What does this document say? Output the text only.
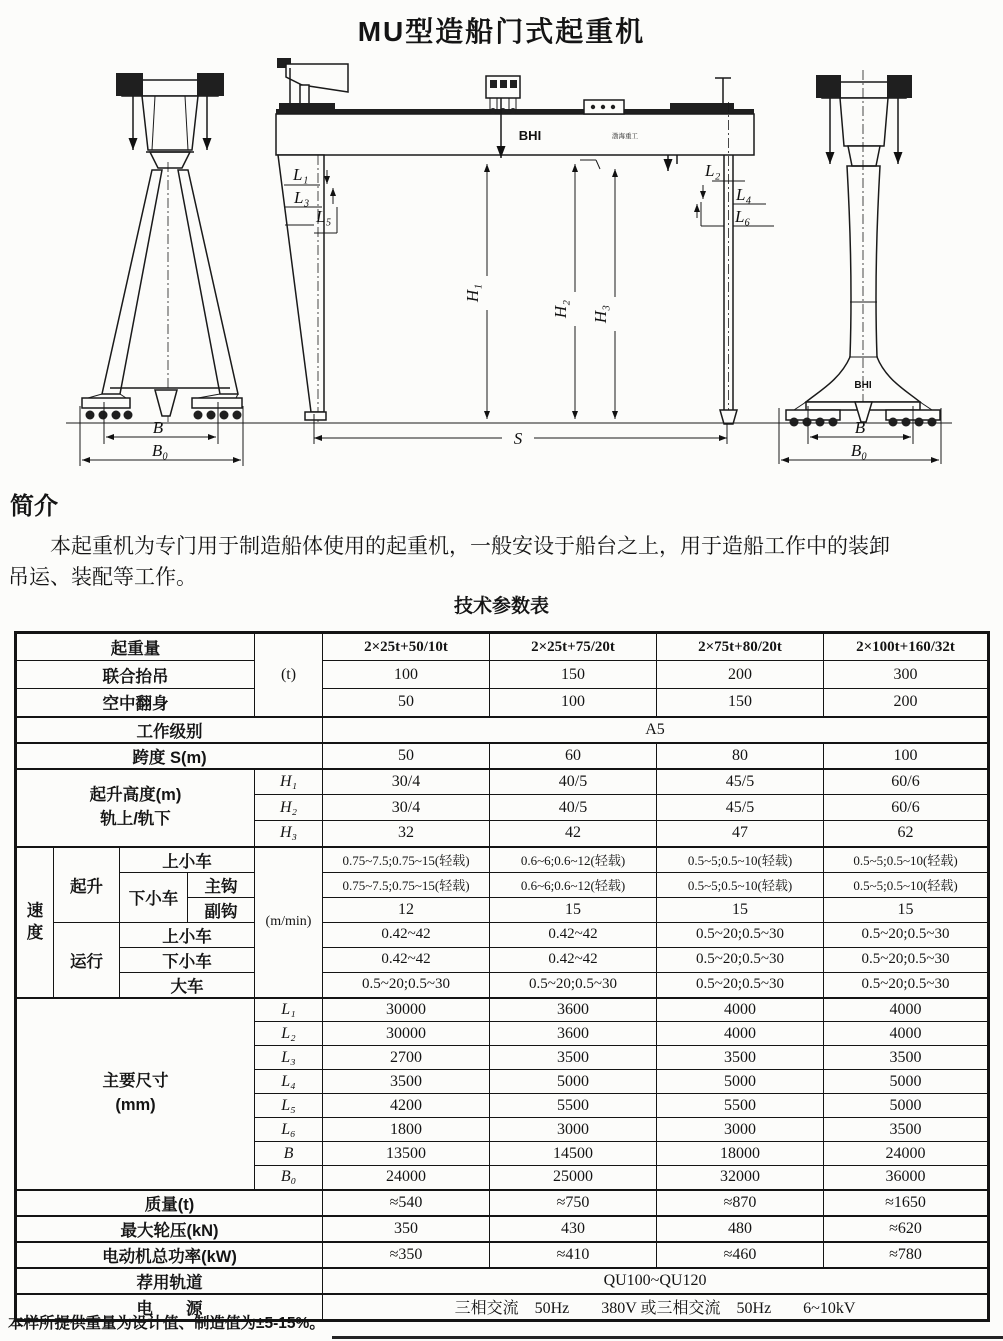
MU型造船门式起重机
B
B₀
BHI	渤海重工
L₁
L₃
L₅
L₂
L₄
L₆
H₁
H₂ H₃
S
BHI
B
B₀
简介
本起重机为专门用于制造船体使用的起重机，一般安设于船台之上，用于造船工作中的装卸
吊运、装配等工作。
技术参数表
起重量				(t)	2×25t+50/10t	2×25t+75/20t	2×75t+80/20t	2×100t+160/32t
联合抬吊					100	150	200	300
空中翻身					50	100	150	200
工作级别					A5			
跨度 S(m)					50	60	80	100

起升高度(m)
轨上/轨下				H₁	30/4	40/5	45/5	60/6
				H₂	30/4	40/5	45/5	60/6
				H₃	32	42	47	62
速度	起升	上小车		(m/min)	0.75~7.5;0.75~15(轻载)	0.6~6;0.6~12(轻载)	0.5~5;0.5~10(轻载)	0.5~5;0.5~10(轻载)
		下小车	主钩		0.75~7.5;0.75~15(轻载)	0.6~6;0.6~12(轻载)	0.5~5;0.5~10(轻载)	0.5~5;0.5~10(轻载)
			副钩		12	15	15	15
	运行	上小车			0.42~42	0.42~42	0.5~20;0.5~30	0.5~20;0.5~30
		下小车			0.42~42	0.42~42	0.5~20;0.5~30	0.5~20;0.5~30
		大车			0.5~20;0.5~30	0.5~20;0.5~30	0.5~20;0.5~30	0.5~20;0.5~30

主要尺寸
(mm)				L₁	30000	3600	4000	4000
				L₂	30000	3600	4000	4000
				L₃	2700	3500	3500	3500
				L₄	3500	5000	5000	5000
				L₅	4200	5500	5500	5000
				L₆	1800	3000	3000	3500
				B	13500	14500	18000	24000
				B₀	24000	25000	32000	36000
质量(t)					≈540	≈750	≈870	≈1650
最大轮压(kN)					350	430	480	≈620
电动机总功率(kW)					≈350	≈410	≈460	≈780
荐用轨道					QU100~QU120			
电　　源					三相交流　50Hz　　380V 或三相交流　50Hz　　6~10kV			
本样所提供重量为设计值、制造值为±5-15%。
